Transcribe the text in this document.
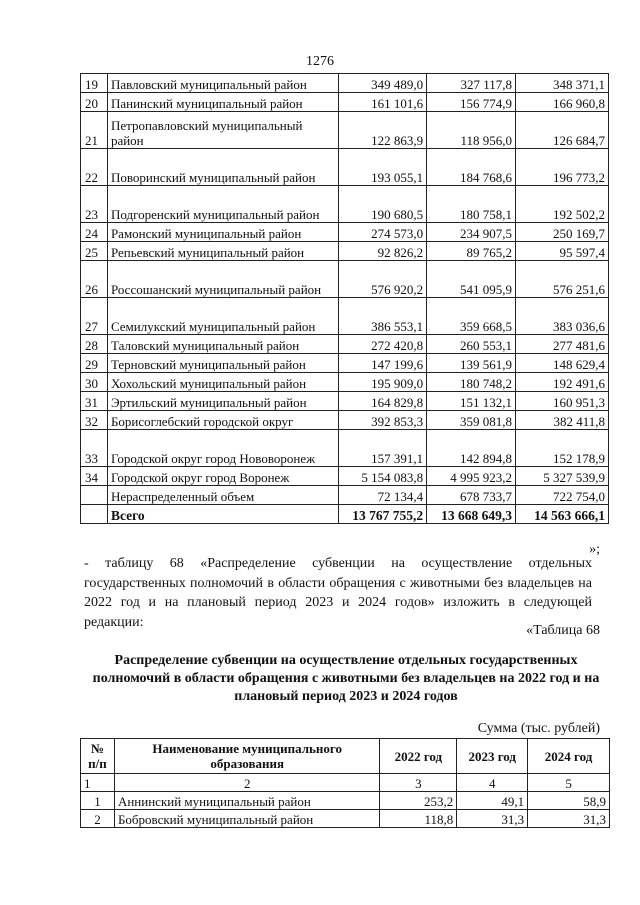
1276
19	Павловский муниципальный район	349 489,0	327 117,8	348 371,1
20	Панинский муниципальный район	161 101,6	156 774,9	166 960,8
21	Петропавловский муниципальный район	122 863,9	118 956,0	126 684,7
22	Поворинский муниципальный район	193 055,1	184 768,6	196 773,2
23	Подгоренский муниципальный район	190 680,5	180 758,1	192 502,2
24	Рамонский муниципальный район	274 573,0	234 907,5	250 169,7
25	Репьевский муниципальный район	92 826,2	89 765,2	95 597,4
26	Россошанский муниципальный район	576 920,2	541 095,9	576 251,6
27	Семилукский муниципальный район	386 553,1	359 668,5	383 036,6
28	Таловский муниципальный район	272 420,8	260 553,1	277 481,6
29	Терновский муниципальный район	147 199,6	139 561,9	148 629,4
30	Хохольский муниципальный район	195 909,0	180 748,2	192 491,6
31	Эртильский муниципальный район	164 829,8	151 132,1	160 951,3
32	Борисоглебский городской округ	392 853,3	359 081,8	382 411,8
33	Городской округ город Нововоронеж	157 391,1	142 894,8	152 178,9
34	Городской округ город Воронеж	5 154 083,8	4 995 923,2	5 327 539,9
	Нераспределенный объем	72 134,4	678 733,7	722 754,0
	Всего	13 767 755,2	13 668 649,3	14 563 666,1
»;
- таблицу 68 «Распределение субвенции на осуществление отдельных государственных полномочий в области обращения с животными без владельцев на 2022 год и на плановый период 2023 и 2024 годов» изложить в следующей редакции:
«Таблица 68
Распределение субвенции на осуществление отдельных государственных полномочий в области обращения с животными без владельцев на 2022 год и на плановый период 2023 и 2024 годов
Сумма (тыс. рублей)
№ п/п	Наименование муниципального образования	2022 год	2023 год	2024 год
1	2	3	4	5
1	Аннинский муниципальный район	253,2	49,1	58,9
2	Бобровский муниципальный район	118,8	31,3	31,3
